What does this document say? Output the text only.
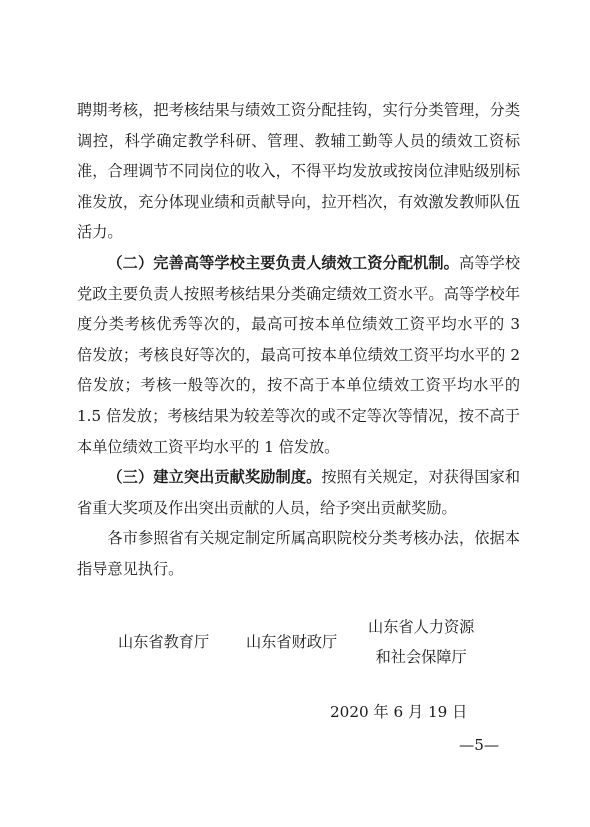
聘期考核，把考核结果与绩效工资分配挂钩，实行分类管理，分类调控，科学确定教学科研、管理、教辅工勤等人员的绩效工资标准，合理调节不同岗位的收入，不得平均发放或按岗位津贴级别标准发放，充分体现业绩和贡献导向，拉开档次，有效激发教师队伍活力。

（二）完善高等学校主要负责人绩效工资分配机制。高等学校党政主要负责人按照考核结果分类确定绩效工资水平。高等学校年度分类考核优秀等次的，最高可按本单位绩效工资平均水平的 3 倍发放；考核良好等次的，最高可按本单位绩效工资平均水平的 2 倍发放；考核一般等次的，按不高于本单位绩效工资平均水平的 1.5 倍发放；考核结果为较差等次的或不定等次等情况，按不高于本单位绩效工资平均水平的 1 倍发放。

（三）建立突出贡献奖励制度。按照有关规定，对获得国家和省重大奖项及作出突出贡献的人员，给予突出贡献奖励。

各市参照省有关规定制定所属高职院校分类考核办法，依据本指导意见执行。

山东省教育厅 山东省财政厅
山东省人力资源
和社会保障厅
2020 年 6 月 19 日
—5—
